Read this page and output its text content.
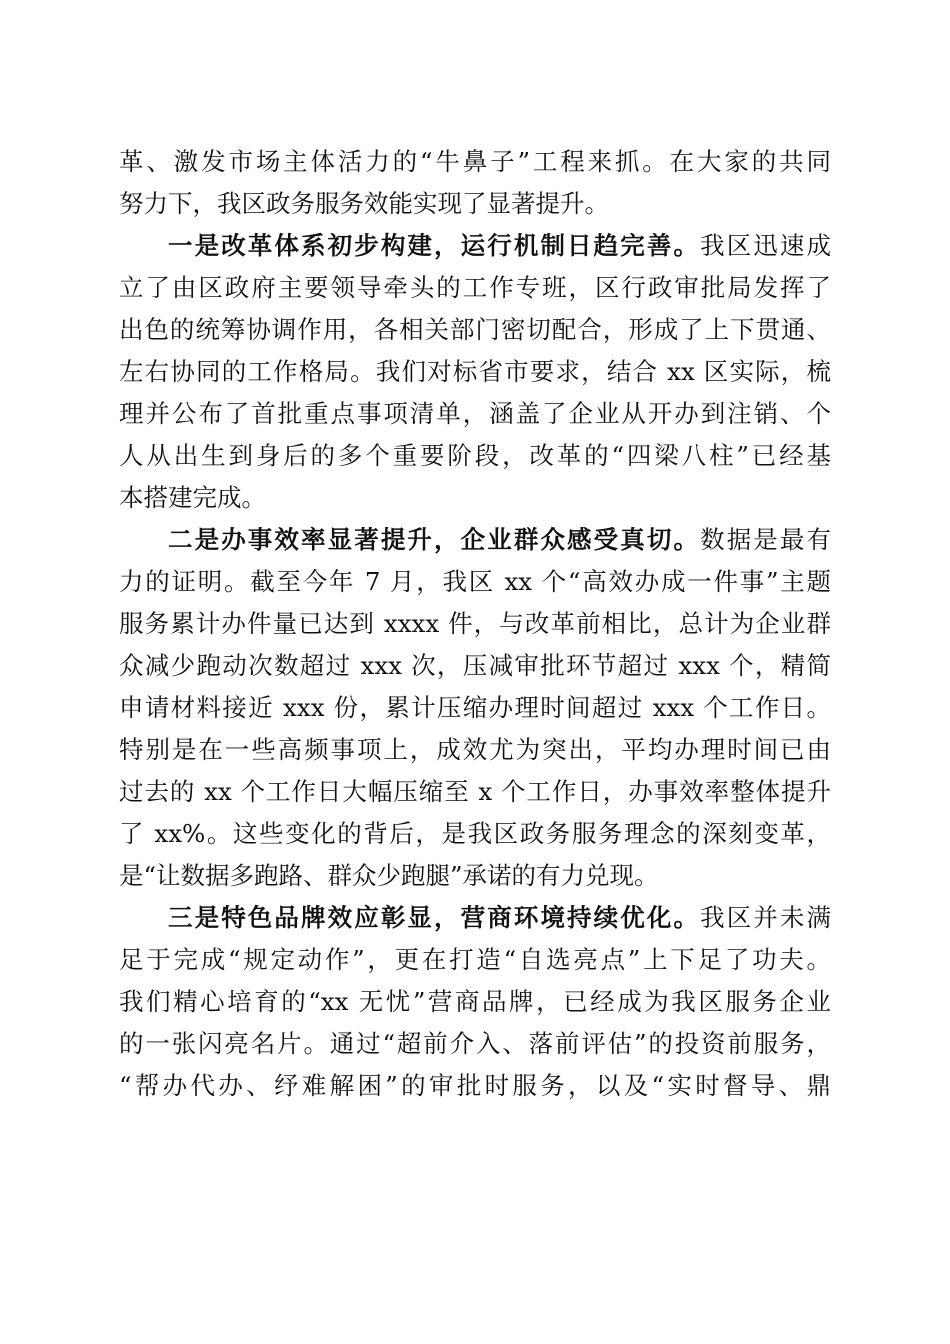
革、激发市场主体活力的“牛鼻子”工程来抓。在大家的共同
努力下，我区政务服务效能实现了显著提升。
一是改革体系初步构建，运行机制日趋完善。我区迅速成
立了由区政府主要领导牵头的工作专班，区行政审批局发挥了
出色的统筹协调作用，各相关部门密切配合，形成了上下贯通、
左右协同的工作格局。我们对标省市要求，结合 xx 区实际，梳
理并公布了首批重点事项清单，涵盖了企业从开办到注销、个
人从出生到身后的多个重要阶段，改革的“四梁八柱”已经基
本搭建完成。
二是办事效率显著提升，企业群众感受真切。数据是最有
力的证明。截至今年 7 月，我区 xx 个“高效办成一件事”主题
服务累计办件量已达到 xxxx 件，与改革前相比，总计为企业群
众减少跑动次数超过 xxx 次，压减审批环节超过 xxx 个，精简
申请材料接近 xxx 份，累计压缩办理时间超过 xxx 个工作日。
特别是在一些高频事项上，成效尤为突出，平均办理时间已由
过去的 xx 个工作日大幅压缩至 x 个工作日，办事效率整体提升
了 xx%。这些变化的背后，是我区政务服务理念的深刻变革，
是“让数据多跑路、群众少跑腿”承诺的有力兑现。
三是特色品牌效应彰显，营商环境持续优化。我区并未满
足于完成“规定动作”，更在打造“自选亮点”上下足了功夫。
我们精心培育的“xx 无忧”营商品牌，已经成为我区服务企业
的一张闪亮名片。通过“超前介入、落前评估”的投资前服务，
“帮办代办、纾难解困”的审批时服务，以及“实时督导、鼎
